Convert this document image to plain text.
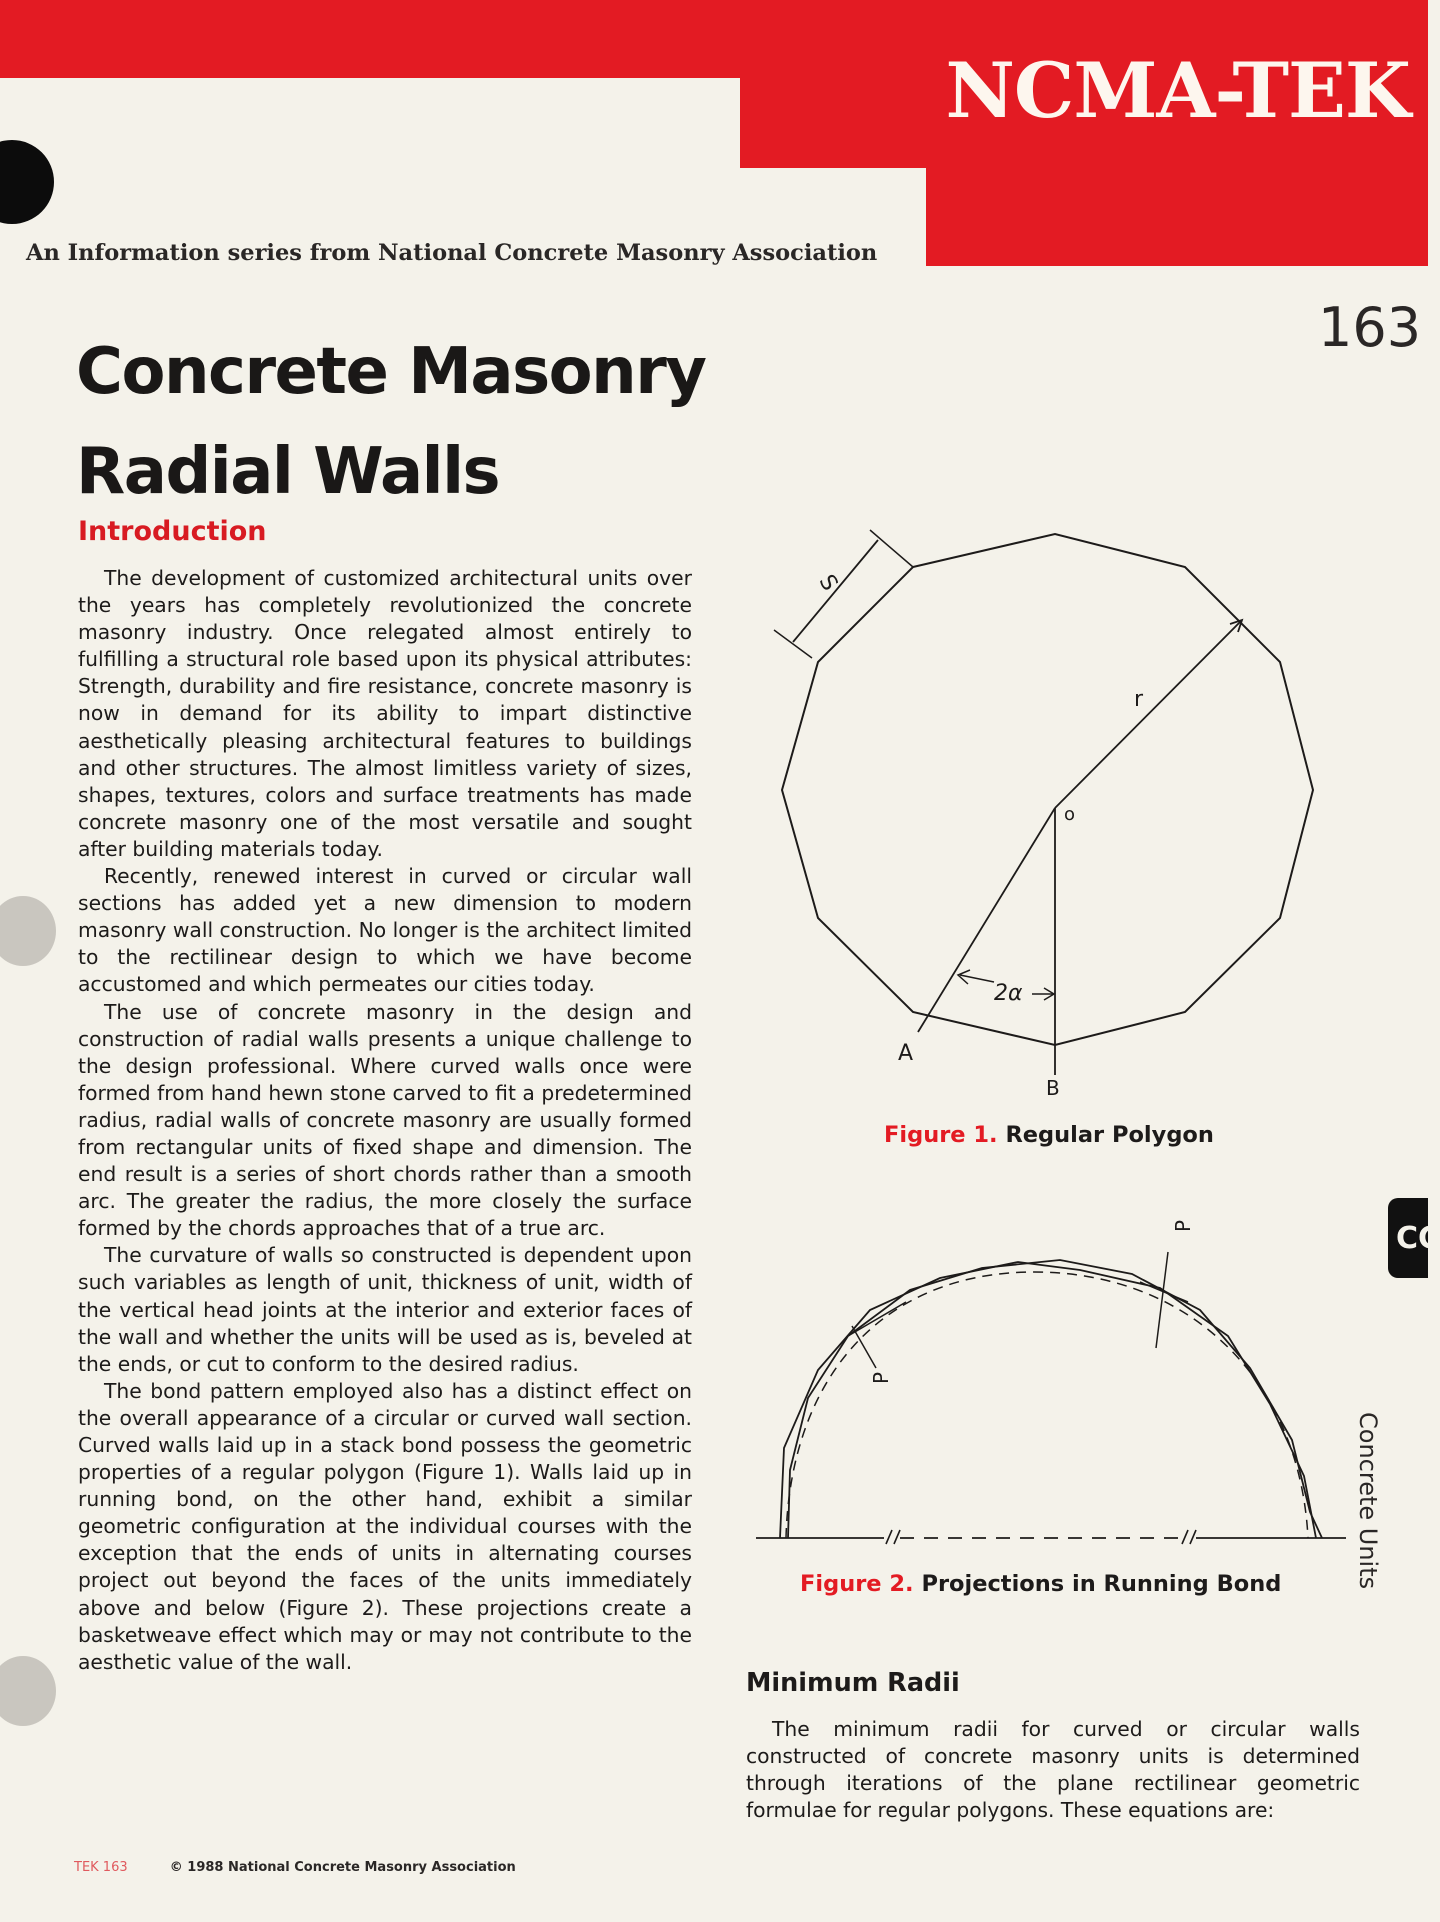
NCMA-TEK
An Information series from National Concrete Masonry Association
163
Concrete Masonry
Radial Walls
Introduction

The development of customized architectural units over the years has completely revolutionized the concrete masonry industry. Once relegated almost entirely to fulfilling a structural role based upon its physical attributes: Strength, durability and fire resistance, concrete masonry is now in demand for its ability to impart distinctive aesthetically pleasing architectural features to buildings and other structures. The almost limitless variety of sizes, shapes, textures, colors and surface treatments has made concrete masonry one of the most versatile and sought after building materials today.

Recently, renewed interest in curved or circular wall sections has added yet a new dimension to modern masonry wall construction. No longer is the architect limited to the rectilinear design to which we have become accustomed and which permeates our cities today.

The use of concrete masonry in the design and construction of radial walls presents a unique challenge to the design professional. Where curved walls once were formed from hand hewn stone carved to fit a predetermined radius, radial walls of concrete masonry are usually formed from rectangular units of fixed shape and dimension. The end result is a series of short chords rather than a smooth arc. The greater the radius, the more closely the surface formed by the chords approaches that of a true arc.

The curvature of walls so constructed is dependent upon such variables as length of unit, thickness of unit, width of the vertical head joints at the interior and exterior faces of the wall and whether the units will be used as is, beveled at the ends, or cut to conform to the desired radius.

The bond pattern employed also has a distinct effect on the overall appearance of a circular or curved wall section. Curved walls laid up in a stack bond possess the geometric properties of a regular polygon (Figure 1). Walls laid up in running bond, on the other hand, exhibit a similar geometric configuration at the individual courses with the exception that the ends of units in alternating courses project out beyond the faces of the units immediately above and below (Figure 2). These projections create a basketweave effect which may or may not contribute to the aesthetic value of the wall.

S
r
o
2α
A
B
Figure 1. Regular Polygon
P
P
Figure 2. Projections in Running Bond
Minimum Radii

The minimum radii for curved or circular walls constructed of concrete masonry units is determined through iterations of the plane rectilinear geometric formulae for regular polygons. These equations are:

TEK 163	© 1988 National Concrete Masonry Association
CC
Concrete Units
